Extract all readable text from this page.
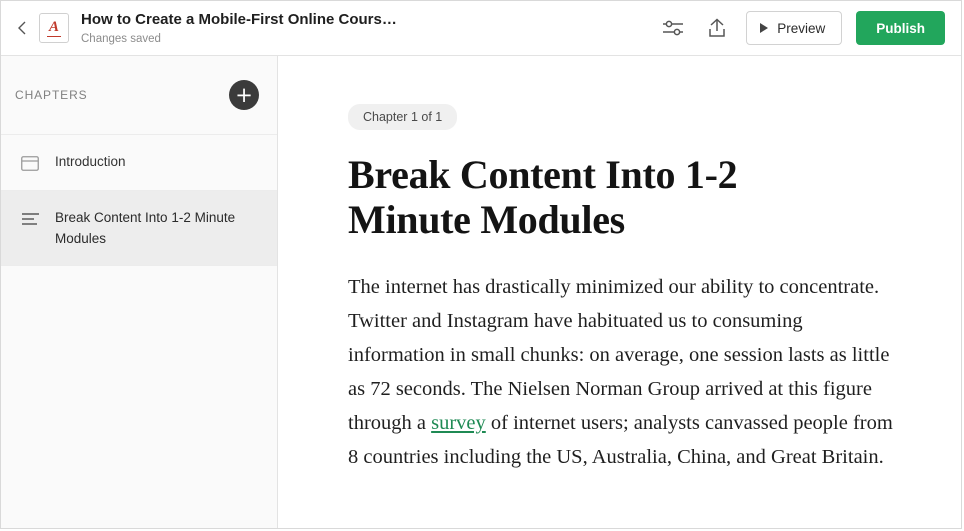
A How to Create a Mobile-First Online Cours…
Changes saved
Preview	Publish
CHAPTERS	+
Introduction
Break Content Into 1-2 Minute Modules
Chapter 1 of 1
Break Content Into 1-2 Minute Modules

The internet has drastically minimized our ability to concentrate. Twitter and Instagram have habituated us to consuming information in small chunks: on average, one session lasts as little as 72 seconds. The Nielsen Norman Group arrived at this figure through a survey of internet users; analysts canvassed people from 8 countries including the US, Australia, China, and Great Britain.
